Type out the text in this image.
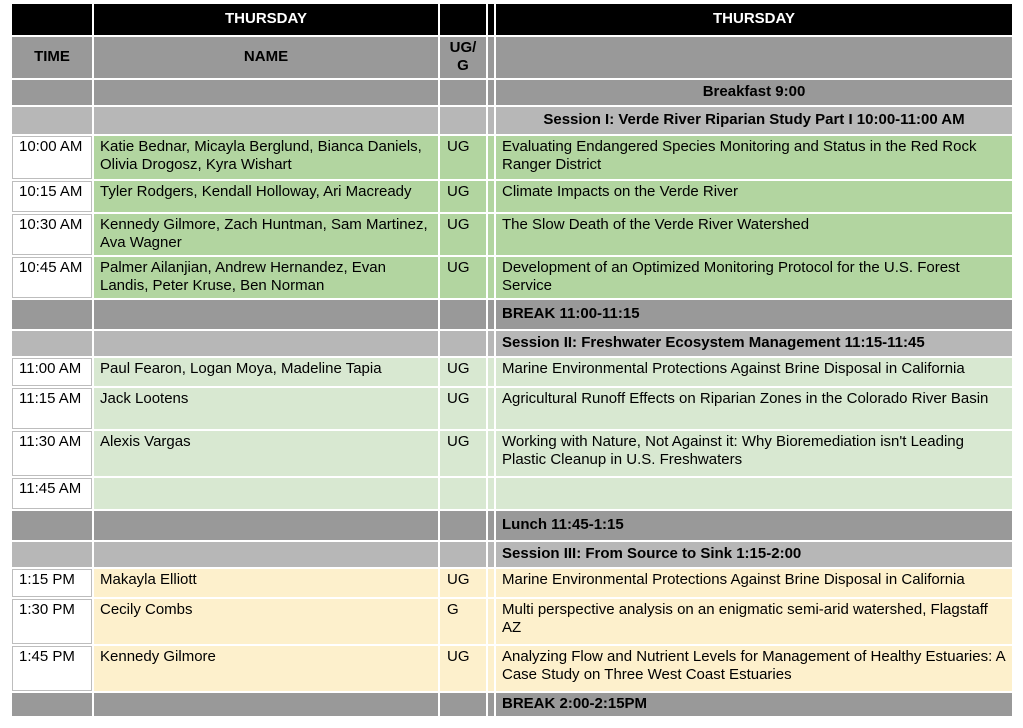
	THURSDAY			THURSDAY
TIME	NAME	UG/G		
				Breakfast 9:00
				Session I: Verde River Riparian Study Part I 10:00-11:00 AM
10:00 AM	Katie Bednar, Micayla Berglund, Bianca Daniels, Olivia Drogosz, Kyra Wishart	UG		Evaluating Endangered Species Monitoring and Status in the Red Rock Ranger District
10:15 AM	Tyler Rodgers, Kendall Holloway, Ari Macready	UG		Climate Impacts on the Verde River
10:30 AM	Kennedy Gilmore, Zach Huntman, Sam Martinez, Ava Wagner	UG		The Slow Death of the Verde River Watershed
10:45 AM	Palmer Ailanjian, Andrew Hernandez, Evan Landis, Peter Kruse, Ben Norman	UG		Development of an Optimized Monitoring Protocol for the U.S. Forest Service
				BREAK 11:00-11:15
				Session II: Freshwater Ecosystem Management 11:15-11:45
11:00 AM	Paul Fearon, Logan Moya, Madeline Tapia	UG		Marine Environmental Protections Against Brine Disposal in California
11:15 AM	Jack Lootens	UG		Agricultural Runoff Effects on Riparian Zones in the Colorado River Basin
11:30 AM	Alexis Vargas	UG		Working with Nature, Not Against it: Why Bioremediation isn't Leading Plastic Cleanup in U.S. Freshwaters
11:45 AM				
				Lunch 11:45-1:15
				Session III: From Source to Sink 1:15-2:00
1:15 PM	Makayla Elliott	UG		Marine Environmental Protections Against Brine Disposal in California
1:30 PM	Cecily Combs	G		Multi perspective analysis on an enigmatic semi-arid watershed, Flagstaff AZ
1:45 PM	Kennedy Gilmore	UG		Analyzing Flow and Nutrient Levels for Management of Healthy Estuaries: A Case Study on Three West Coast Estuaries
				BREAK 2:00-2:15PM
